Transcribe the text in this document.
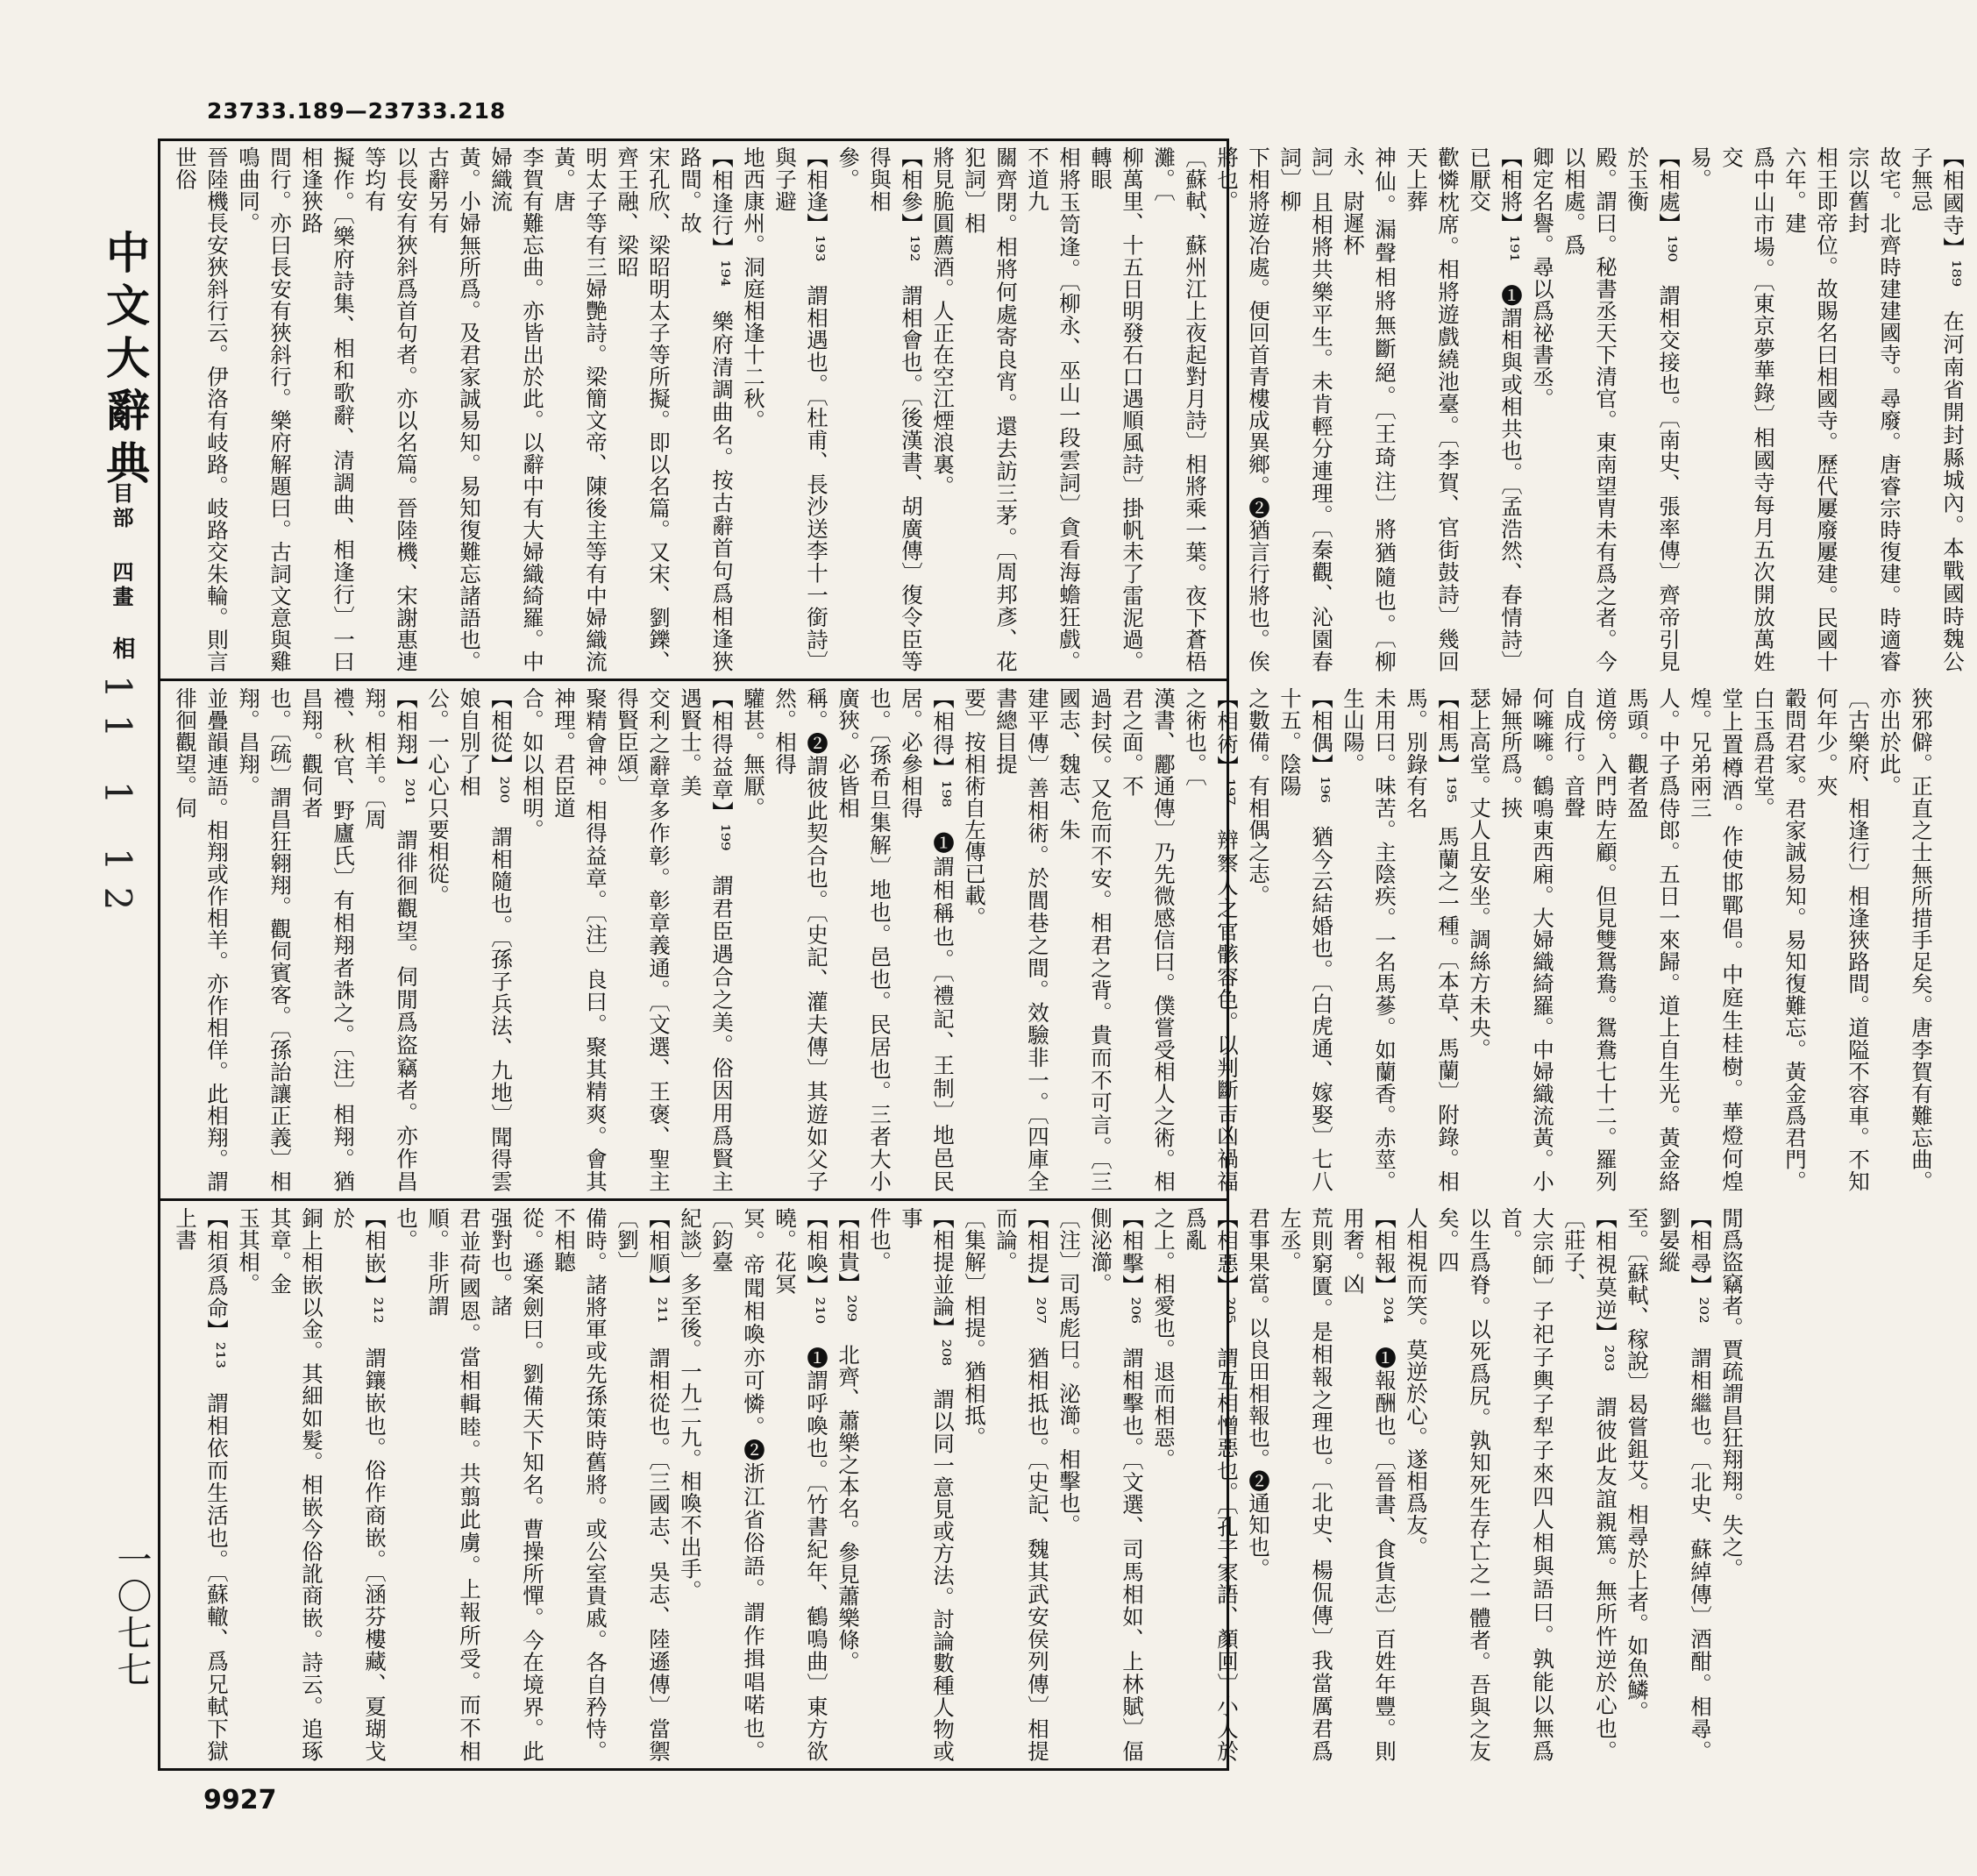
23733.189—23733.218
中文大辭典
目部
四畫
相
11 1 12
一〇七七

【相國寺】¹⁸⁹　在河南省開封縣城內。本戰國時魏公子無忌

故宅。北齊時建建國寺。尋廢。唐睿宗時復建。時適睿宗以舊封

相王即帝位。故賜名曰相國寺。歷代屢廢屢建。民國十六年。建

爲中山市場。〔東京夢華錄〕相國寺每月五次開放萬姓交

易。

【相處】¹⁹⁰　謂相交接也。〔南史、張率傳〕齊帝引見於玉衡

殿。謂曰。秘書丞天下清官。東南望胄未有爲之者。今以相處。爲

卿定名譽。尋以爲祕書丞。

【相將】¹⁹¹　❶謂相與或相共也。〔孟浩然、春情詩〕已厭交

歡憐枕席。相將遊戲繞池臺。〔李賀、官街鼓詩〕幾回天上葬

神仙。漏聲相將無斷絕。〔王琦注〕將猶隨也。〔柳永、尉遲杯

詞〕且相將共樂平生。未肯輕分連理。〔秦觀、沁園春詞〕柳

下相將遊冶處。便回首青樓成異鄉。❷猶言行將也。俟將也。

〔蘇軾、蘇州江上夜起對月詩〕相將乘一葉。夜下蒼梧灘。〔

柳萬里、十五日明發石口遇順風詩〕掛帆未了雷泥過。轉眼

相將玉笥逢。〔柳永、巫山一段雲詞〕貪看海蟾狂戲。不道九

關齊閉。相將何處寄良宵。還去訪三茅。〔周邦彥、花犯詞〕相

將見脆圓薦酒。人正在空江煙浪裏。

【相參】¹⁹²　謂相會也。〔後漢書、胡廣傳〕復令臣等得與相

參。

【相逢】¹⁹³　謂相遇也。〔杜甫、長沙送李十一銜詩〕與子避

地西康州。洞庭相逢十二秋。

【相逢行】¹⁹⁴　樂府清調曲名。按古辭首句爲相逢狹路間。故

宋孔欣、梁昭明太子等所擬。即以名篇。又宋、劉鑠、齊王融、梁昭

明太子等有三婦艷詩。梁簡文帝、陳後主等有中婦織流黃。唐

李賀有難忘曲。亦皆出於此。以辭中有大婦織綺羅。中婦織流

黃。小婦無所爲。及君家誠易知。易知復難忘諸語也。古辭另有

以長安有狹斜爲首句者。亦以名篇。晉陸機、宋謝惠連等均有

擬作。〔樂府詩集、相和歌辭、清調曲、相逢行〕一曰相逢狹路

間行。亦曰長安有狹斜行。樂府解題曰。古詞文意與雞鳴曲同。

晉陸機長安狹斜行云。伊洛有岐路。岐路交朱輪。則言世俗

狹邪僻。正直之士無所措手足矣。唐李賀有難忘曲。亦出於此。

〔古樂府、相逢行〕相逢狹路間。道隘不容車。不知何年少。夾

轂問君家。君家誠易知。易知復難忘。黃金爲君門。白玉爲君堂。

堂上置樽酒。作使邯鄲倡。中庭生桂樹。華燈何煌煌。兄弟兩三

人。中子爲侍郎。五日一來歸。道上自生光。黃金絡馬頭。觀者盈

道傍。入門時左顧。但見雙鴛鴦。鴛鴦七十二。羅列自成行。音聲

何噰噰。鶴鳴東西廂。大婦織綺羅。中婦織流黃。小婦無所爲。挾

瑟上高堂。丈人且安坐。調絲方未央。

【相馬】¹⁹⁵　馬蘭之一種。〔本草、馬蘭〕附錄。相馬。別錄有名

未用曰。味苦。主陰疾。一名馬蔘。如蘭香。赤莖。生山陽。

【相偶】¹⁹⁶　猶今云結婚也。〔白虎通、嫁娶〕七八十五。陰陽

之數備。有相偶之志。

【相術】¹⁹⁷　辨察人之官骸容色。以判斷吉凶禍福之術也。〔

漢書、酈通傳〕乃先微感信曰。僕嘗受相人之術。相君之面。不

過封侯。又危而不安。相君之背。貴而不可言。〔三國志、魏志、朱

建平傳〕善相術。於閭巷之間。效驗非一。〔四庫全書總目提

要〕按相術自左傳已載。

【相得】¹⁹⁸　❶謂相稱也。〔禮記、王制〕地邑民居。必參相得

也。〔孫希旦集解〕地也。邑也。民居也。三者大小廣狹。必皆相

稱。❷謂彼此契合也。〔史記、灌夫傳〕其遊如父子然。相得

驩甚。無厭。

【相得益章】¹⁹⁹　謂君臣遇合之美。俗因用爲賢主遇賢士。美

交利之辭章多作彰。彰章義通。〔文選、王褒、聖主得賢臣頌〕

聚精會神。相得益章。〔注〕良曰。聚其精爽。會其神理。君臣道

合。如以相明。

【相從】²⁰⁰　謂相隨也。〔孫子兵法、九地〕聞得雲娘自別了相

公。一心心只要相從。

【相翔】²⁰¹　謂徘徊觀望。伺閒爲盜竊者。亦作昌翔。相羊。〔周

禮、秋官、野廬氏〕有相翔者誅之。〔注〕相翔。猶昌翔。觀伺者

也。〔疏〕謂昌狂翱翔。觀伺賓客。〔孫詒讓正義〕相翔。昌翔。

並疊韻連語。相翔或作相羊。亦作相佯。此相翔。謂徘徊觀望。伺

閒爲盜竊者。賈疏謂昌狂翔翔。失之。

【相尋】²⁰²　謂相繼也。〔北史、蘇綽傳〕酒酣。相尋。劉晏縱

至。〔蘇軾、稼說〕曷嘗鉏艾。相尋於上者。如魚鱗。

【相視莫逆】²⁰³　謂彼此友誼親篤。無所忤逆於心也。〔莊子、

大宗師〕子祀子輿子犁子來四人相與語曰。孰能以無爲首。

以生爲脊。以死爲尻。孰知死生存亡之一體者。吾與之友矣。四

人相視而笑。莫逆於心。遂相爲友。

【相報】²⁰⁴　❶報酬也。〔晉書、食貨志〕百姓年豐。則用奢。凶

荒則窮匱。是相報之理也。〔北史、楊侃傳〕我當厲君爲左丞。

君事果當。以良田相報也。❷通知也。

【相惡】²⁰⁵　謂互相憎惡也。〔孔子家語、顏回〕小人於爲亂

之上。相愛也。退而相惡。

【相擊】²⁰⁶　謂相擊也。〔文選、司馬相如、上林賦〕偪側泌瀄。

〔注〕司馬彪曰。泌瀄。相擊也。

【相提】²⁰⁷　猶相抵也。〔史記、魏其武安侯列傳〕相提而論。

〔集解〕相提。猶相抵。

【相提並論】²⁰⁸　謂以同一意見或方法。討論數種人物或事

件也。

【相貴】²⁰⁹　北齊、蕭樂之本名。參見蕭樂條。

【相喚】²¹⁰　❶謂呼喚也。〔竹書紀年、鶴鳴曲〕東方欲曉。花冥

冥。帝聞相喚亦可憐。❷浙江省俗語。謂作揖唱喏也。〔鈞臺

紀談〕多至後。一九二九。相喚不出手。

【相順】²¹¹　謂相從也。〔三國志、吳志、陸遜傳〕當禦〔劉〕

備時。諸將軍或先孫策時舊將。或公室貴戚。各自矜恃。不相聽

從。遜案劍曰。劉備天下知名。曹操所憚。今在境界。此强對也。諸

君並荷國恩。當相輯睦。共翦此虜。上報所受。而不相順。非所謂

也。

【相嵌】²¹²　謂鑲嵌也。俗作商嵌。〔涵芬樓藏、夏瑚戈於

銅上相嵌以金。其細如髮。相嵌今俗訛商嵌。詩云。追琢其章。金

玉其相。

【相須爲命】²¹³　謂相依而生活也。〔蘇轍、爲兄軾下獄上書

9927
